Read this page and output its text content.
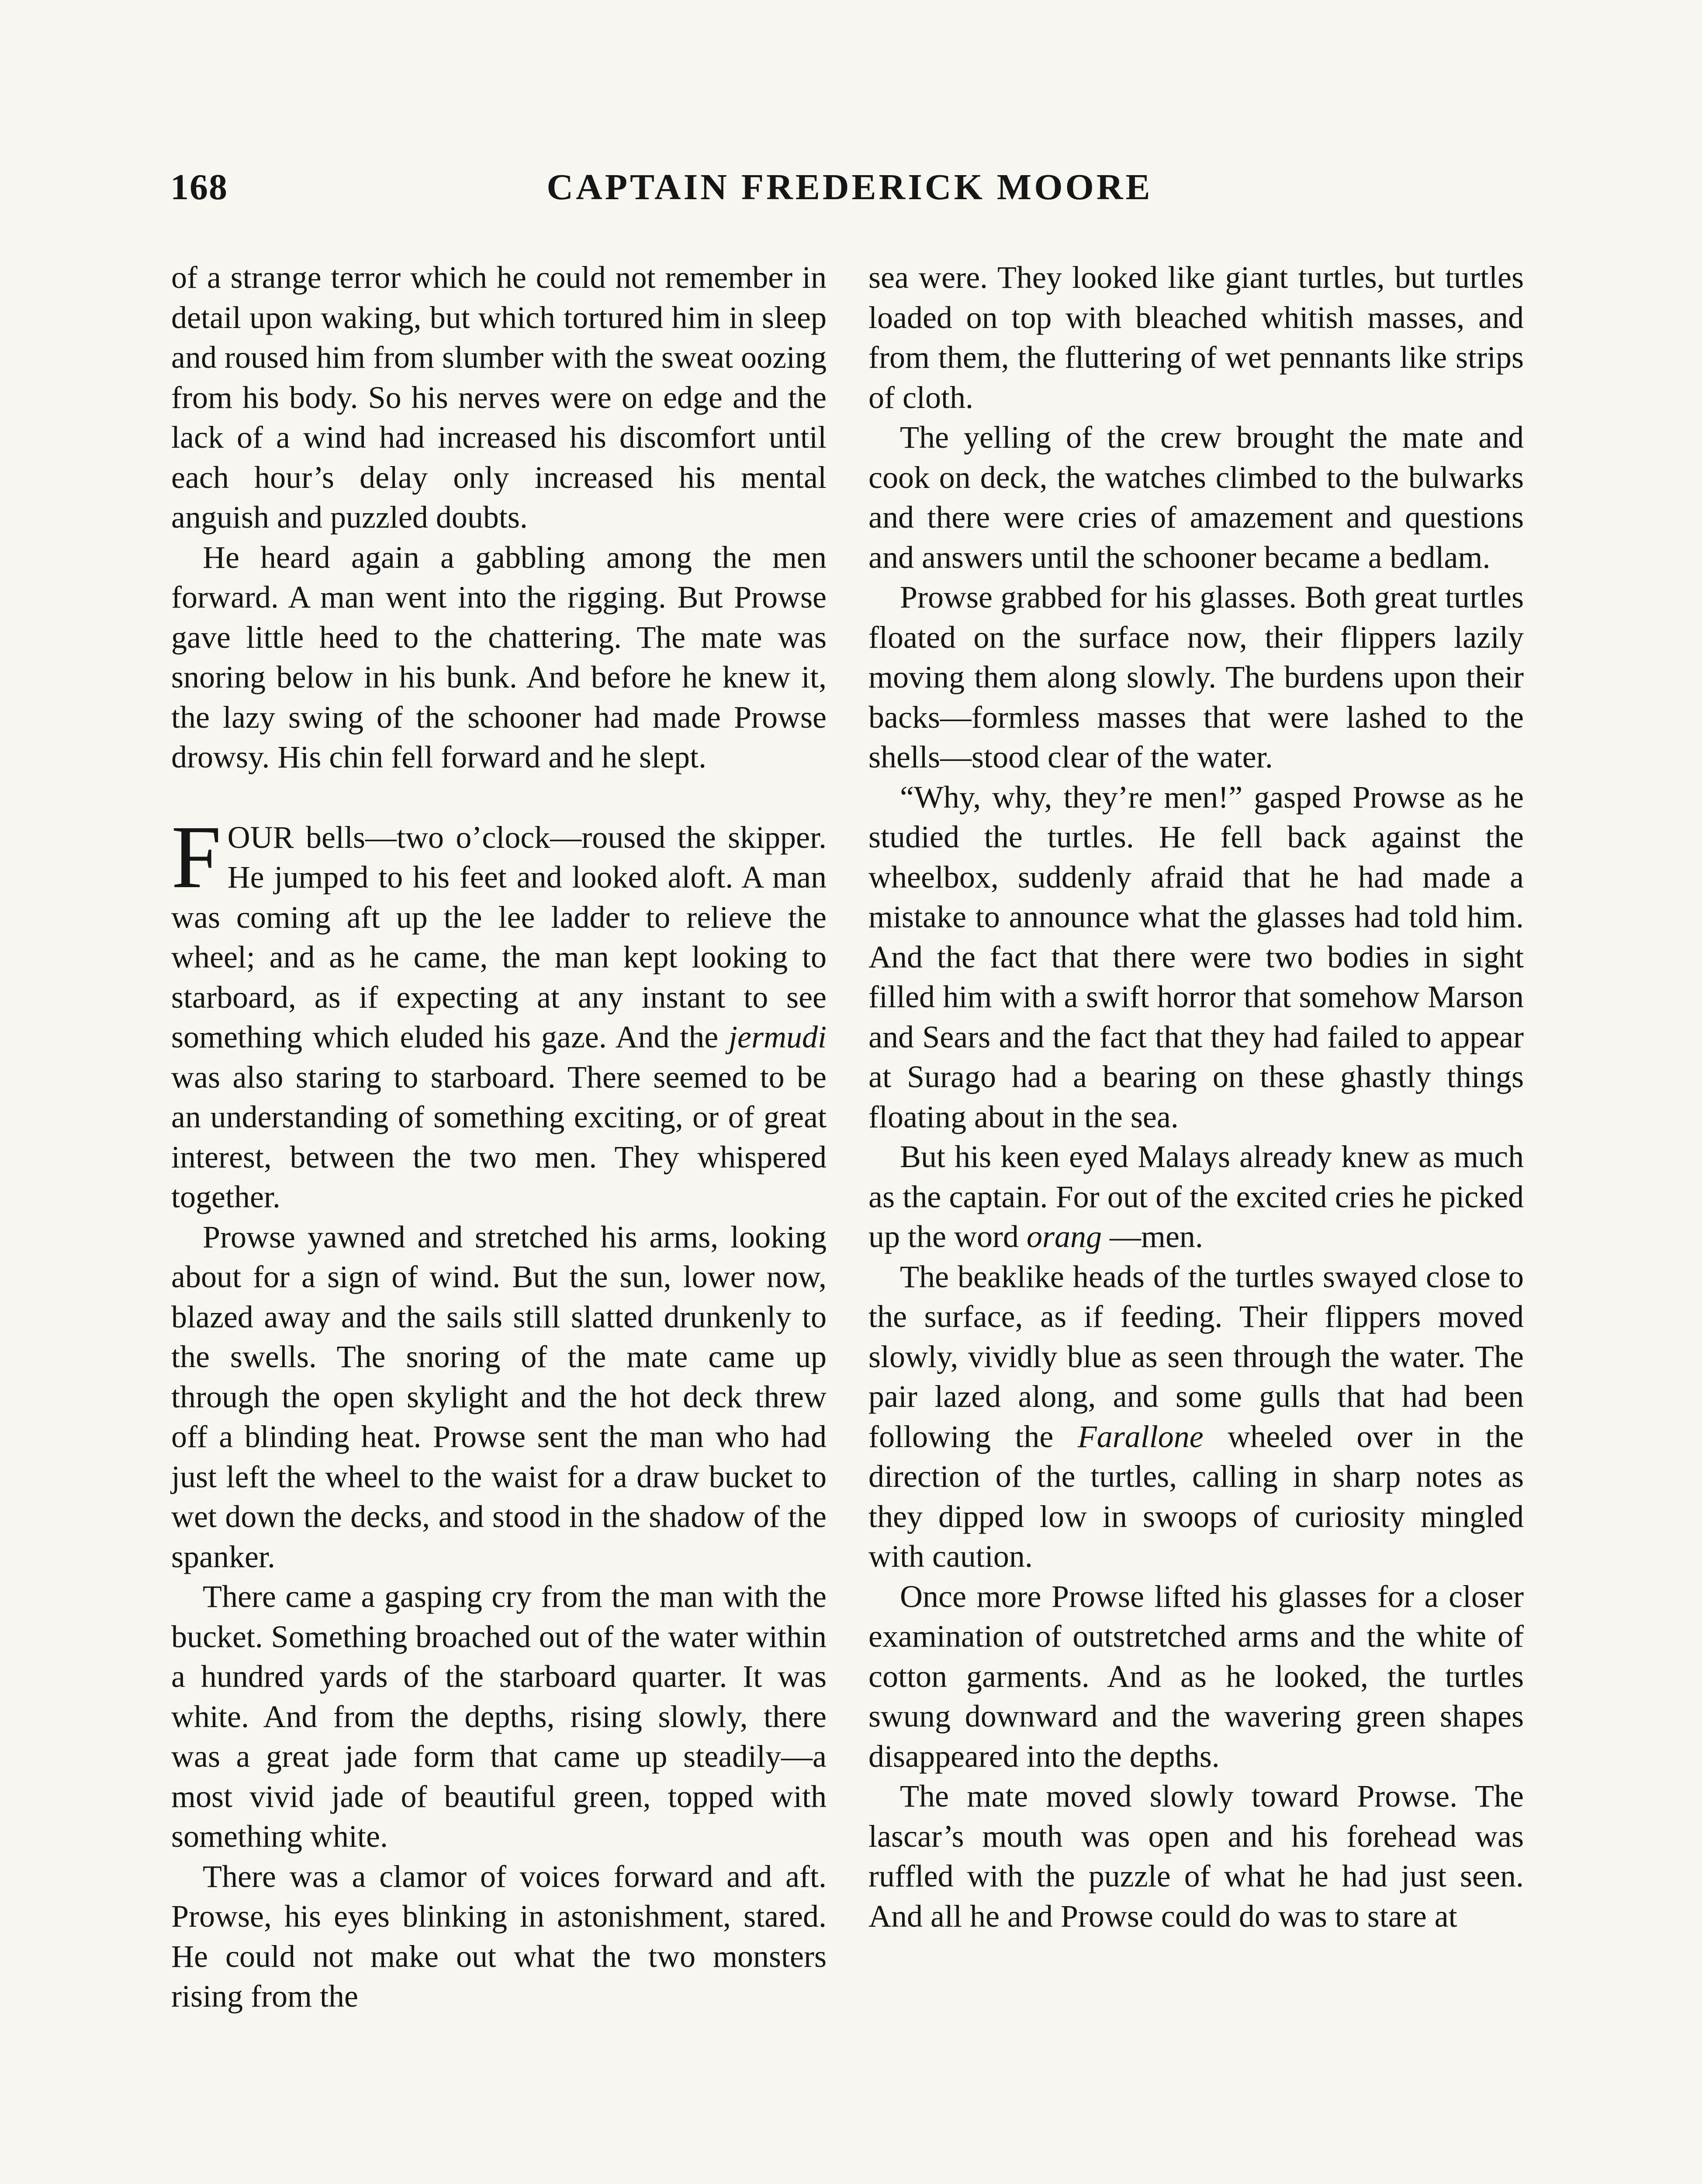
168	CAPTAIN FREDERICK MOORE

of a strange terror which he could not remember in detail upon waking, but which tortured him in sleep and roused him from slumber with the sweat oozing from his body. So his nerves were on edge and the lack of a wind had increased his discomfort until each hour’s delay only increased his mental anguish and puzzled doubts.

He heard again a gabbling among the men forward. A man went into the rigging. But Prowse gave little heed to the chattering. The mate was snoring below in his bunk. And before he knew it, the lazy swing of the schooner had made Prowse drowsy. His chin fell forward and he slept.

FOUR bells—two o’clock—roused the skipper. He jumped to his feet and looked aloft. A man was coming aft up the lee ladder to relieve the wheel; and as he came, the man kept looking to starboard, as if expecting at any instant to see something which eluded his gaze. And the jermudi was also staring to starboard. There seemed to be an understanding of something exciting, or of great interest, between the two men. They whispered together.

Prowse yawned and stretched his arms, looking about for a sign of wind. But the sun, lower now, blazed away and the sails still slatted drunkenly to the swells. The snoring of the mate came up through the open skylight and the hot deck threw off a blinding heat. Prowse sent the man who had just left the wheel to the waist for a draw bucket to wet down the decks, and stood in the shadow of the spanker.

There came a gasping cry from the man with the bucket. Something broached out of the water within a hundred yards of the starboard quarter. It was white. And from the depths, rising slowly, there was a great jade form that came up steadily—a most vivid jade of beautiful green, topped with something white.

There was a clamor of voices forward and aft. Prowse, his eyes blinking in astonishment, stared. He could not make out what the two monsters rising from the

sea were. They looked like giant turtles, but turtles loaded on top with bleached whitish masses, and from them, the fluttering of wet pennants like strips of cloth.

The yelling of the crew brought the mate and cook on deck, the watches climbed to the bulwarks and there were cries of amazement and questions and answers until the schooner became a bedlam.

Prowse grabbed for his glasses. Both great turtles floated on the surface now, their flippers lazily moving them along slowly. The burdens upon their backs—formless masses that were lashed to the shells—stood clear of the water.

“Why, why, they’re men!” gasped Prowse as he studied the turtles. He fell back against the wheelbox, suddenly afraid that he had made a mistake to announce what the glasses had told him. And the fact that there were two bodies in sight filled him with a swift horror that somehow Marson and Sears and the fact that they had failed to appear at Surago had a bearing on these ghastly things floating about in the sea.

But his keen eyed Malays already knew as much as the captain. For out of the excited cries he picked up the word orang —men.

The beaklike heads of the turtles swayed close to the surface, as if feeding. Their flippers moved slowly, vividly blue as seen through the water. The pair lazed along, and some gulls that had been following the Farallone wheeled over in the direction of the turtles, calling in sharp notes as they dipped low in swoops of curiosity mingled with caution.

Once more Prowse lifted his glasses for a closer examination of outstretched arms and the white of cotton garments. And as he looked, the turtles swung downward and the wavering green shapes disappeared into the depths.

The mate moved slowly toward Prowse. The lascar’s mouth was open and his forehead was ruffled with the puzzle of what he had just seen. And all he and Prowse could do was to stare at
